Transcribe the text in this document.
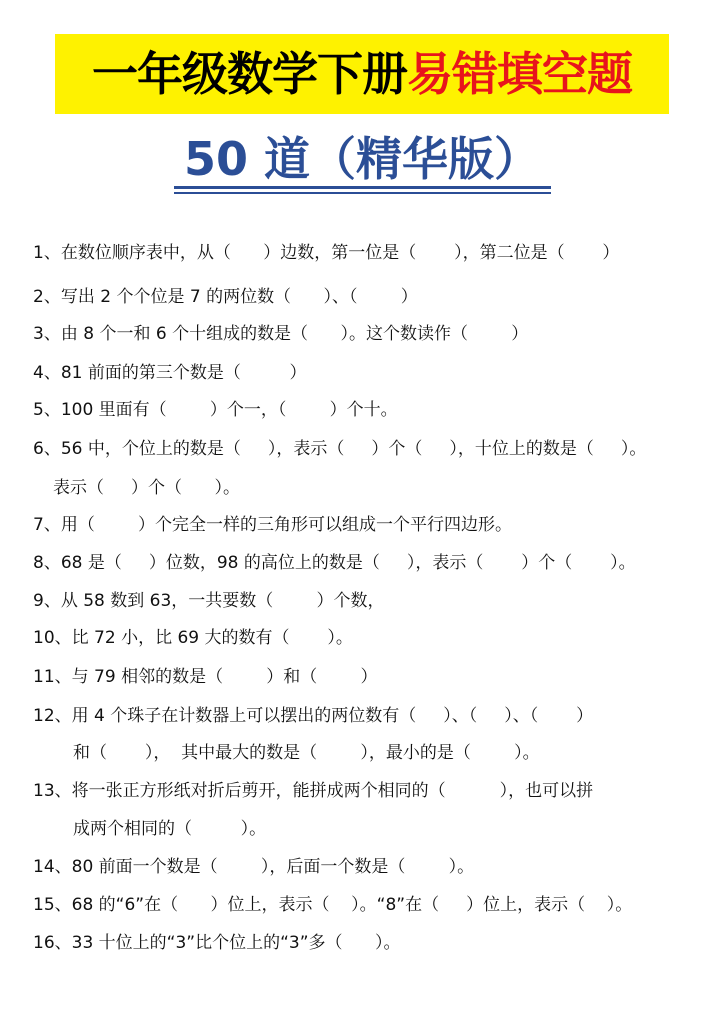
一年级数学下册 易错填空题
50 道（精华版）
1、在数位顺序表中，从（      ）边数，第一位是（       ），第二位是（       ）
2、写出 2 个个位是 7 的两位数（      ）、（        ）
3、由 8 个一和 6 个十组成的数是（      ）。这个数读作（        ）
4、81 前面的第三个数是（         ）
5、100 里面有（        ）个一，（        ）个十。
6、56 中，个位上的数是（     ），表示（     ）个（     ），十位上的数是（     ）。
表示（     ）个（      ）。
7、用（        ）个完全一样的三角形可以组成一个平行四边形。
8、68 是（     ）位数，98 的高位上的数是（     ），表示（       ）个（       ）。
9、从 58 数到 63，一共要数（        ）个数，
10、比 72 小，比 69 大的数有（       ）。
11、与 79 相邻的数是（        ）和（        ）
12、用 4 个珠子在计数器上可以摆出的两位数有（     ）、（     ）、（       ）
和（       ），  其中最大的数是（        ），最小的是（        ）。
13、将一张正方形纸对折后剪开，能拼成两个相同的（          ），也可以拼
成两个相同的（         ）。
14、80 前面一个数是（        ），后面一个数是（        ）。
15、68 的“6”在（      ）位上，表示（    ）。“8”在（     ）位上，表示（    ）。
16、33 十位上的“3”比个位上的“3”多（      ）。
